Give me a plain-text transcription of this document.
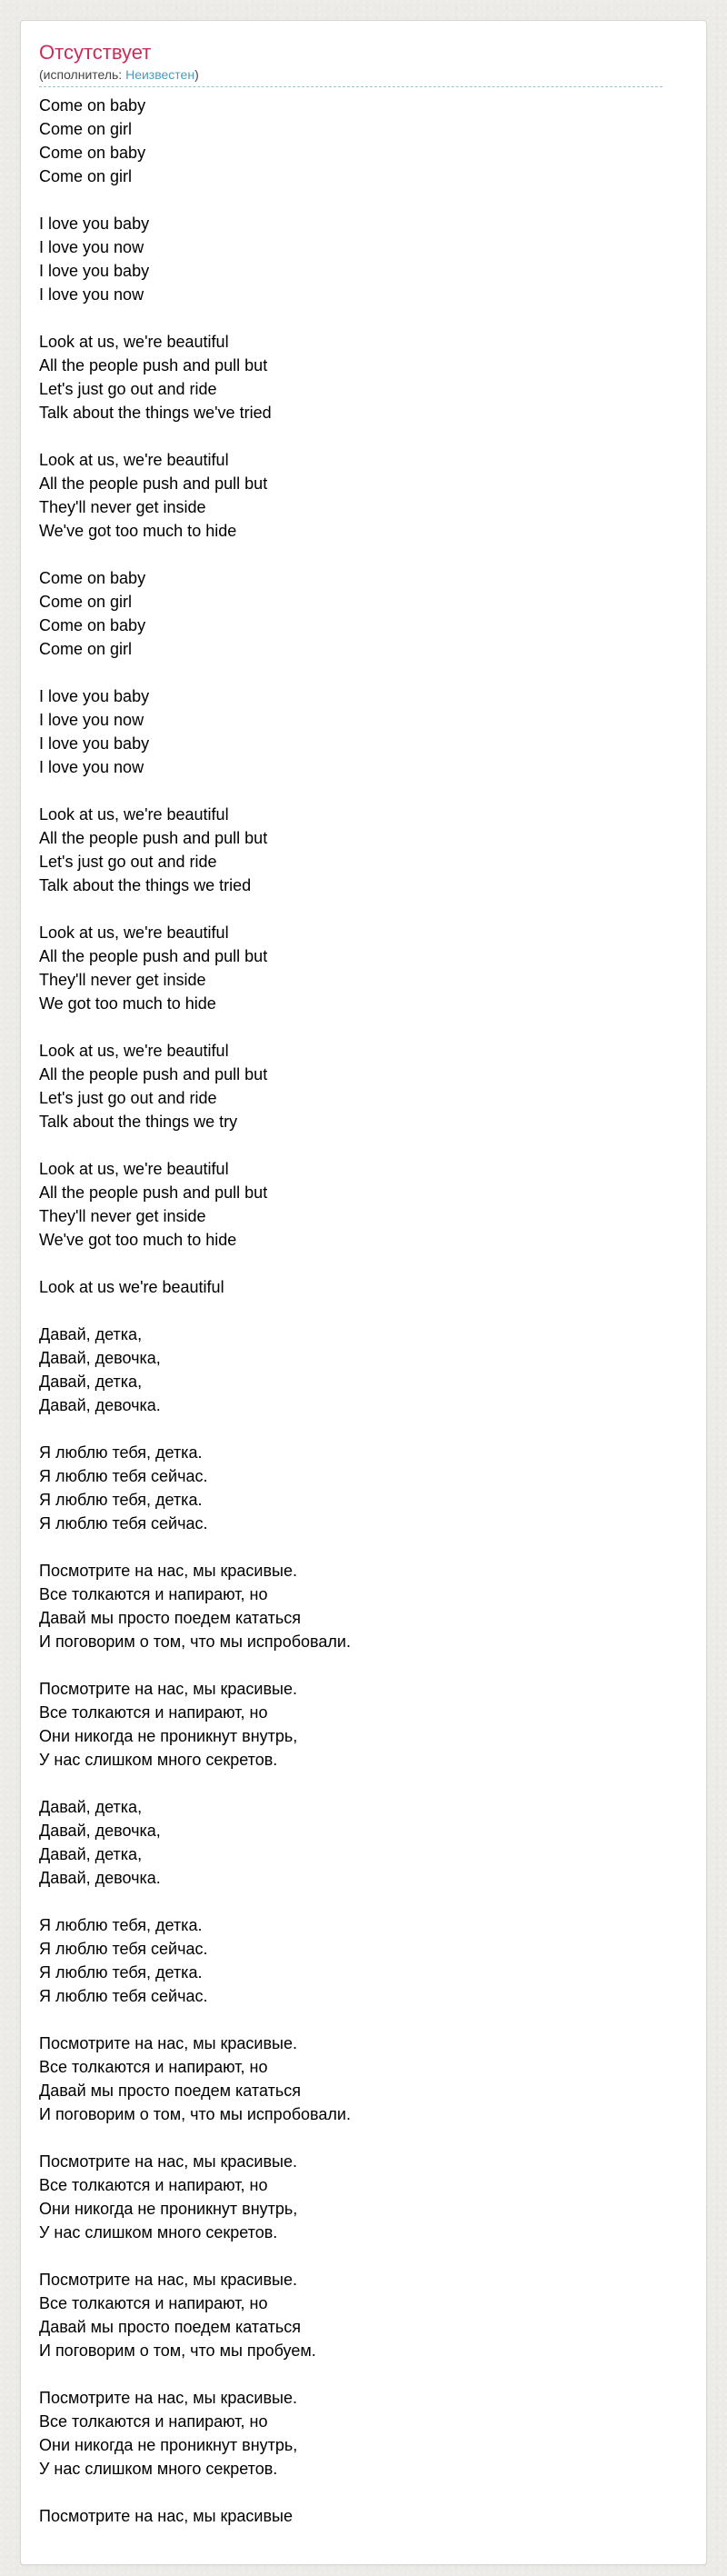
Отсутствует
(исполнитель: Неизвестен)
Come on baby
Come on girl
Come on baby
Come on girl
I love you baby
I love you now
I love you baby
I love you now
Look at us, we're beautiful
All the people push and pull but
Let's just go out and ride
Talk about the things we've tried
Look at us, we're beautiful
All the people push and pull but
They'll never get inside
We've got too much to hide
Come on baby
Come on girl
Come on baby
Come on girl
I love you baby
I love you now
I love you baby
I love you now
Look at us, we're beautiful
All the people push and pull but
Let's just go out and ride
Talk about the things we tried
Look at us, we're beautiful
All the people push and pull but
They'll never get inside
We got too much to hide
Look at us, we're beautiful
All the people push and pull but
Let's just go out and ride
Talk about the things we try
Look at us, we're beautiful
All the people push and pull but
They'll never get inside
We've got too much to hide
Look at us we're beautiful
Давай, детка,
Давай, девочка,
Давай, детка,
Давай, девочка.
Я люблю тебя, детка.
Я люблю тебя сейчас.
Я люблю тебя, детка.
Я люблю тебя сейчас.
Посмотрите на нас, мы красивые.
Все толкаются и напирают, но
Давай мы просто поедем кататься
И поговорим о том, что мы испробовали.
Посмотрите на нас, мы красивые.
Все толкаются и напирают, но
Они никогда не проникнут внутрь,
У нас слишком много секретов.
Давай, детка,
Давай, девочка,
Давай, детка,
Давай, девочка.
Я люблю тебя, детка.
Я люблю тебя сейчас.
Я люблю тебя, детка.
Я люблю тебя сейчас.
Посмотрите на нас, мы красивые.
Все толкаются и напирают, но
Давай мы просто поедем кататься
И поговорим о том, что мы испробовали.
Посмотрите на нас, мы красивые.
Все толкаются и напирают, но
Они никогда не проникнут внутрь,
У нас слишком много секретов.
Посмотрите на нас, мы красивые.
Все толкаются и напирают, но
Давай мы просто поедем кататься
И поговорим о том, что мы пробуем.
Посмотрите на нас, мы красивые.
Все толкаются и напирают, но
Они никогда не проникнут внутрь,
У нас слишком много секретов.
Посмотрите на нас, мы красивые
